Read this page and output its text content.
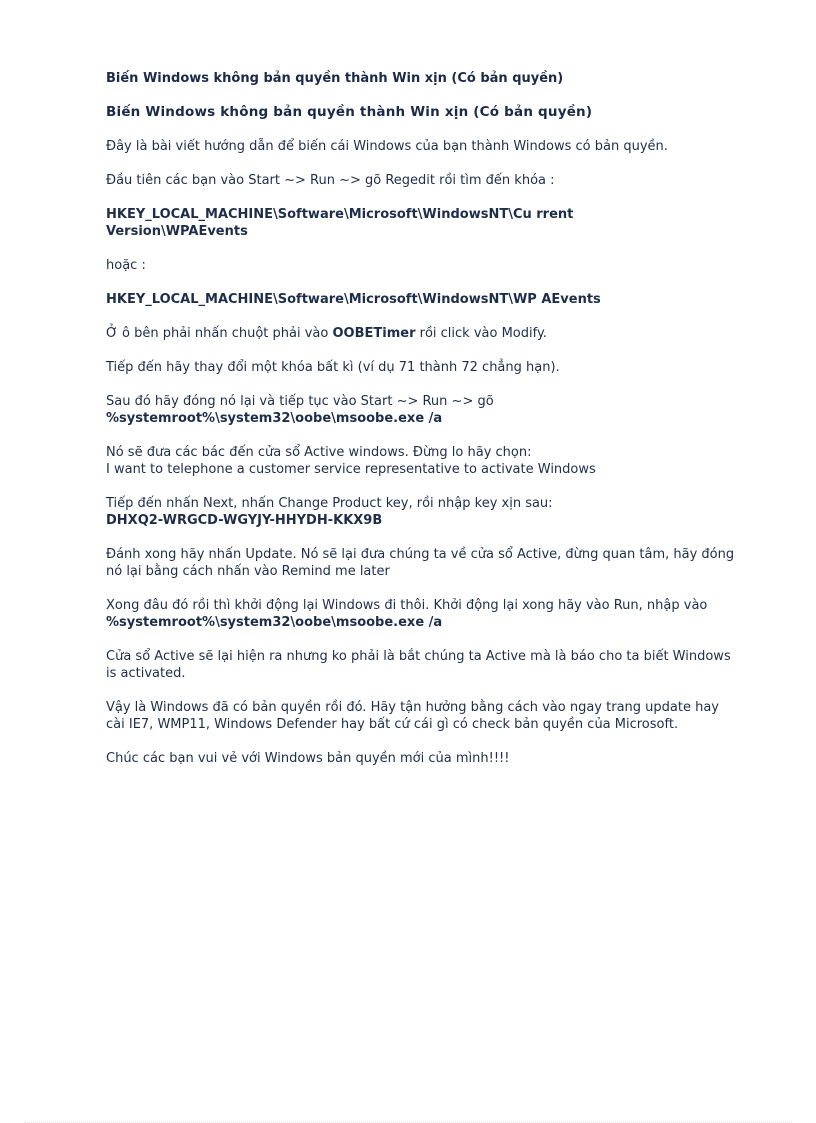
Biến Windows không bản quyền thành Win xịn (Có bản quyền)
Biến Windows không bản quyền thành Win xịn (Có bản quyền)
Đây là bài viết hướng dẫn để biến cái Windows của bạn thành Windows có bản quyền.
Đầu tiên các bạn vào Start ~> Run ~> gõ Regedit rồi tìm đến khóa :
HKEY_LOCAL_MACHINE\Software\Microsoft\WindowsNT\Cu rrent
Version\WPAEvents
hoặc :
HKEY_LOCAL_MACHINE\Software\Microsoft\WindowsNT\WP AEvents
Ở ô bên phải nhấn chuột phải vào OOBETimer rồi click vào Modify.
Tiếp đến hãy thay đổi một khóa bất kì (ví dụ 71 thành 72 chẳng hạn).
Sau đó hãy đóng nó lại và tiếp tục vào Start ~> Run ~> gõ
%systemroot%\system32\oobe\msoobe.exe /a
Nó sẽ đưa các bác đến cửa sổ Active windows. Đừng lo hãy chọn:
I want to telephone a customer service representative to activate Windows
Tiếp đến nhấn Next, nhấn Change Product key, rồi nhập key xịn sau:
DHXQ2-WRGCD-WGYJY-HHYDH-KKX9B
Đánh xong hãy nhấn Update. Nó sẽ lại đưa chúng ta về cửa sổ Active, đừng quan tâm, hãy đóng
nó lại bằng cách nhấn vào Remind me later
Xong đâu đó rồi thì khởi động lại Windows đi thôi. Khởi động lại xong hãy vào Run, nhập vào
%systemroot%\system32\oobe\msoobe.exe /a
Cửa sổ Active sẽ lại hiện ra nhưng ko phải là bắt chúng ta Active mà là báo cho ta biết Windows
is activated.
Vậy là Windows đã có bản quyền rồi đó. Hãy tận hưởng bằng cách vào ngay trang update hay
cài IE7, WMP11, Windows Defender hay bất cứ cái gì có check bản quyền của Microsoft.
Chúc các bạn vui vẻ với Windows bản quyền mới của mình!!!!
